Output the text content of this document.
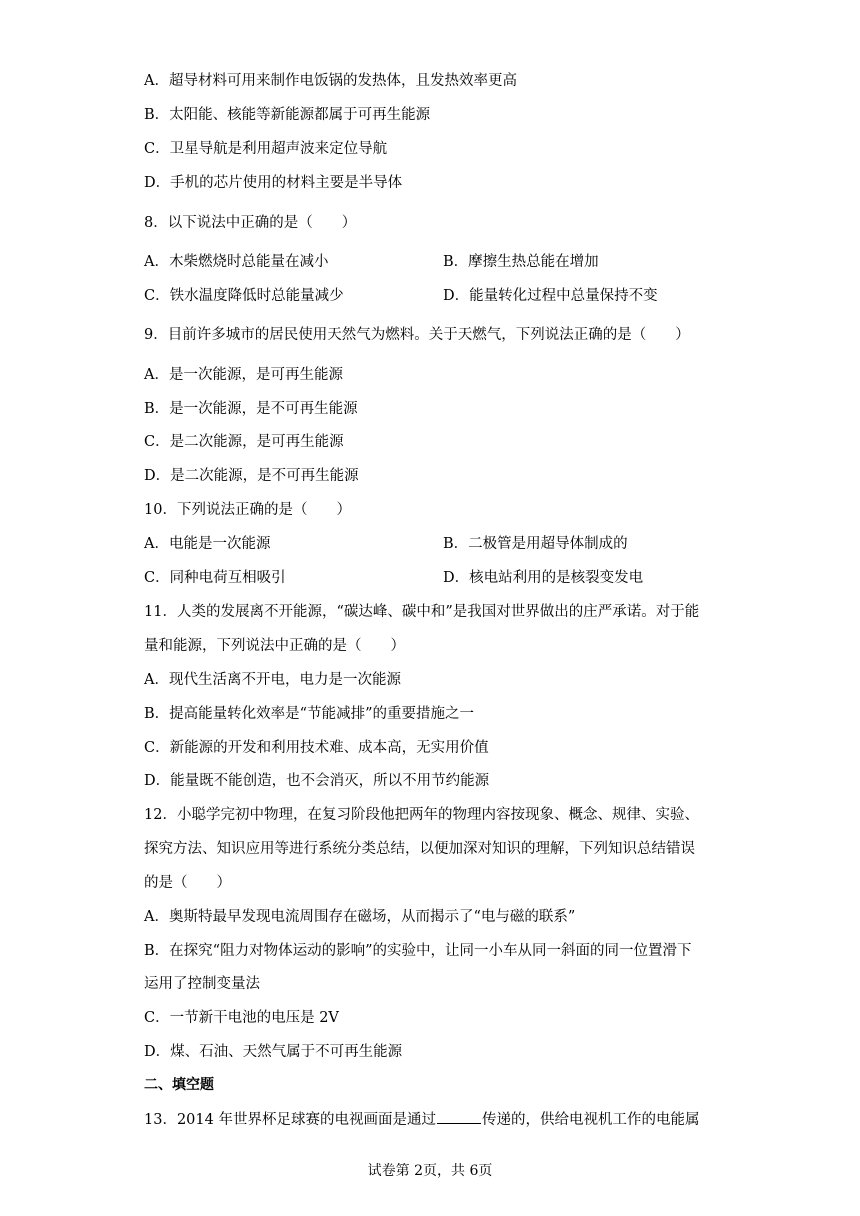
A．超导材料可用来制作电饭锅的发热体，且发热效率更高
B．太阳能、核能等新能源都属于可再生能源
C．卫星导航是利用超声波来定位导航
D．手机的芯片使用的材料主要是半导体
8．以下说法中正确的是（　　）
A．木柴燃烧时总能量在减小	B．摩擦生热总能在增加
C．铁水温度降低时总能量减少	D．能量转化过程中总量保持不变
9．目前许多城市的居民使用天然气为燃料。关于天燃气，下列说法正确的是（　　）
A．是一次能源，是可再生能源
B．是一次能源，是不可再生能源
C．是二次能源，是可再生能源
D．是二次能源，是不可再生能源
10．下列说法正确的是（　　）
A．电能是一次能源	B．二极管是用超导体制成的
C．同种电荷互相吸引	D．核电站利用的是核裂变发电
11．人类的发展离不开能源，“碳达峰、碳中和”是我国对世界做出的庄严承诺。对于能
量和能源，下列说法中正确的是（　　）
A．现代生活离不开电，电力是一次能源
B．提高能量转化效率是“节能减排”的重要措施之一
C．新能源的开发和利用技术难、成本高，无实用价值
D．能量既不能创造，也不会消灭，所以不用节约能源
12．小聪学完初中物理，在复习阶段他把两年的物理内容按现象、概念、规律、实验、
探究方法、知识应用等进行系统分类总结，以便加深对知识的理解，下列知识总结错误
的是（　　）
A．奥斯特最早发现电流周围存在磁场，从而揭示了“电与磁的联系”
B．在探究“阻力对物体运动的影响”的实验中，让同一小车从同一斜面的同一位置滑下
运用了控制变量法
C．一节新干电池的电压是 2V
D．煤、石油、天然气属于不可再生能源
二、填空题
13．2014 年世界杯足球赛的电视画面是通过	传递的，供给电视机工作的电能属
试卷第 2页，共 6页
